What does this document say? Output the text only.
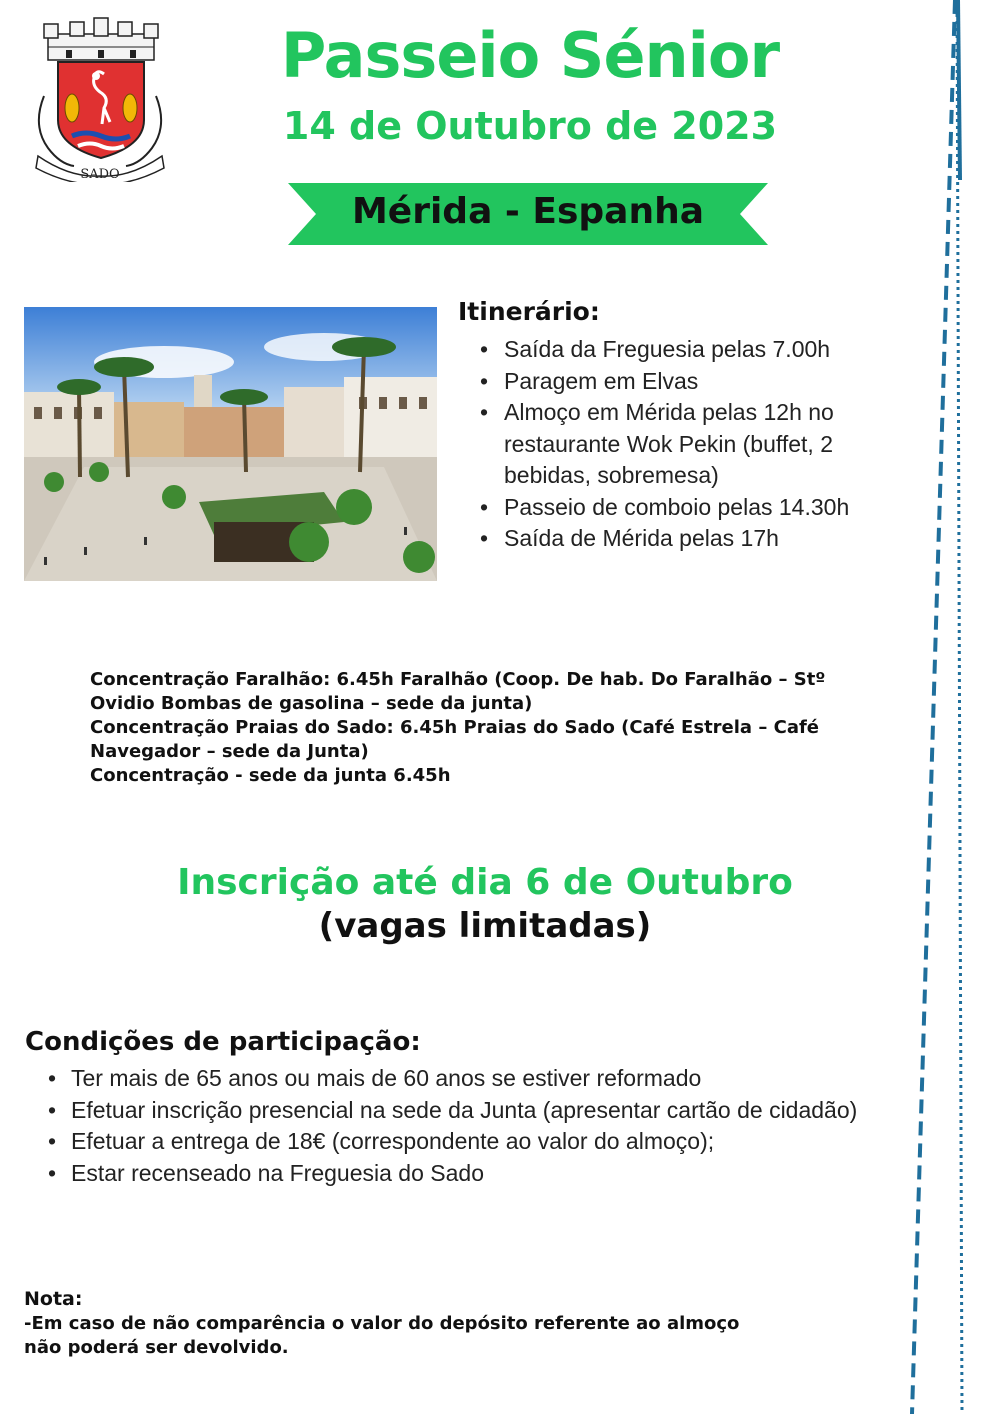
SADO
Passeio Sénior
14 de Outubro de 2023
Mérida - Espanha
Itinerário:
• Saída da Freguesia pelas 7.00h
• Paragem em Elvas
• Almoço em Mérida pelas 12h no restaurante Wok Pekin (buffet, 2 bebidas, sobremesa)
• Passeio de comboio pelas 14.30h
• Saída de Mérida pelas 17h
Concentração Faralhão: 6.45h Faralhão (Coop. De hab. Do Faralhão – Stº Ovidio Bombas de gasolina – sede da junta)
Concentração Praias do Sado: 6.45h Praias do Sado (Café Estrela – Café Navegador – sede da Junta)
Concentração - sede da junta 6.45h
Inscrição até dia 6 de Outubro
(vagas limitadas)
Condições de participação:
• Ter mais de 65 anos ou mais de 60 anos se estiver reformado
• Efetuar inscrição presencial na sede da Junta (apresentar cartão de cidadão)
• Efetuar a entrega de 18€ (correspondente ao valor do almoço);
• Estar recenseado na Freguesia do Sado
Nota:
-Em caso de não comparência o valor do depósito referente ao almoço
não poderá ser devolvido.
